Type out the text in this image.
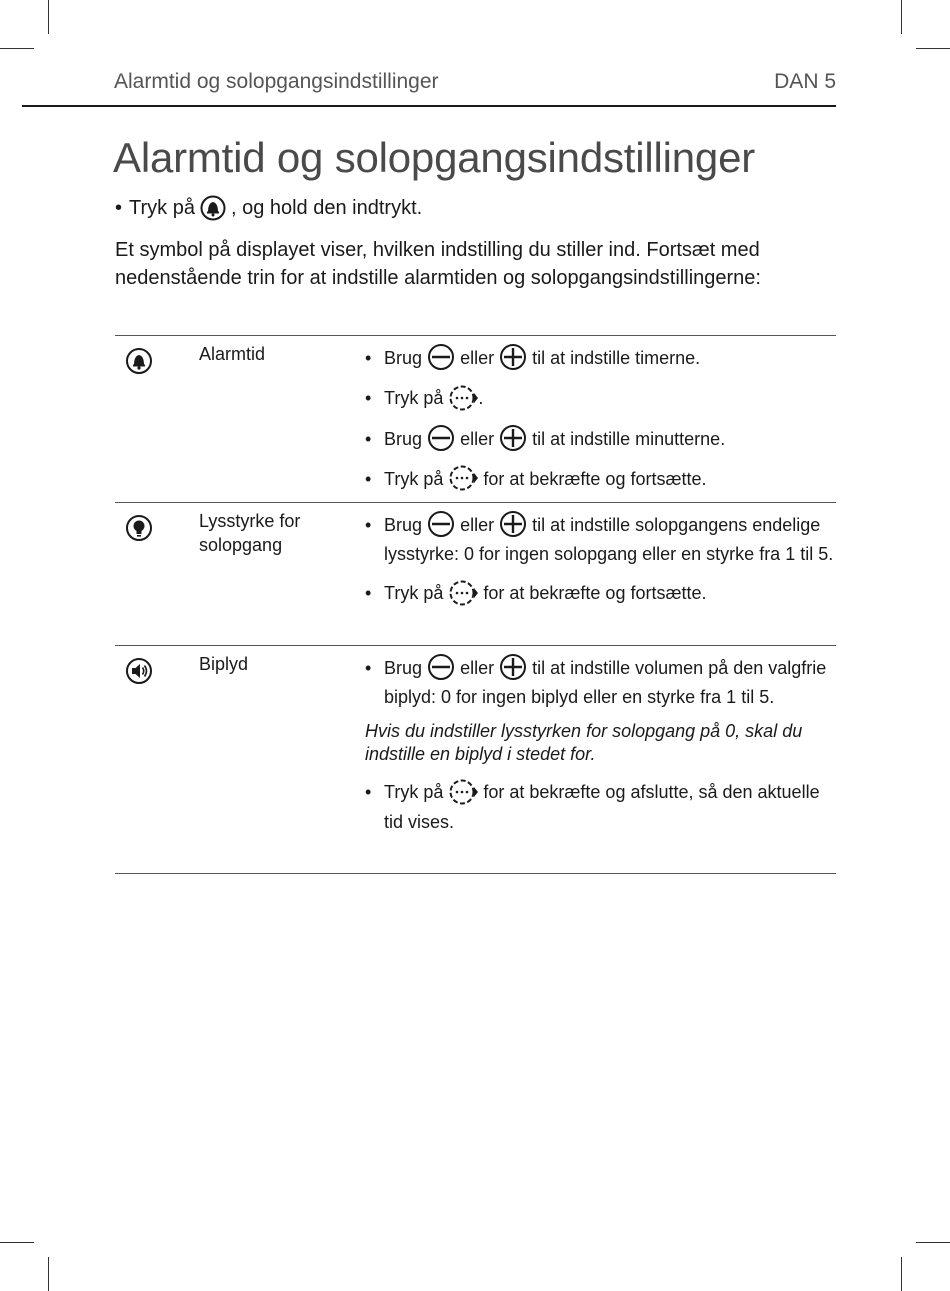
Alarmtid og solopgangsindstillinger	DAN 5
Alarmtid og solopgangsindstillinger
• Tryk på , og hold den indtrykt.

Et symbol på displayet viser, hvilken indstilling du stiller ind. Fortsæt med nedenstående trin for at indstille alarmtiden og solopgangsindstillingerne:

Alarmtid	• Brug eller til at indstille timerne.
• Tryk på .
• Brug eller til at indstille minutterne.
• Tryk på for at bekræfte og fortsætte.
Lysstyrke for solopgang
• Brug eller til at indstille solopgangens endelige lysstyrke: 0 for ingen solopgang eller en styrke fra 1 til 5.
• Tryk på for at bekræfte og fortsætte.
Biplyd	• Brug eller til at indstille volumen på den valgfrie biplyd: 0 for ingen biplyd eller en styrke fra 1 til 5.
Hvis du indstiller lysstyrken for solopgang på 0, skal du indstille en biplyd i stedet for.
• Tryk på for at bekræfte og afslutte, så den aktuelle tid vises.
